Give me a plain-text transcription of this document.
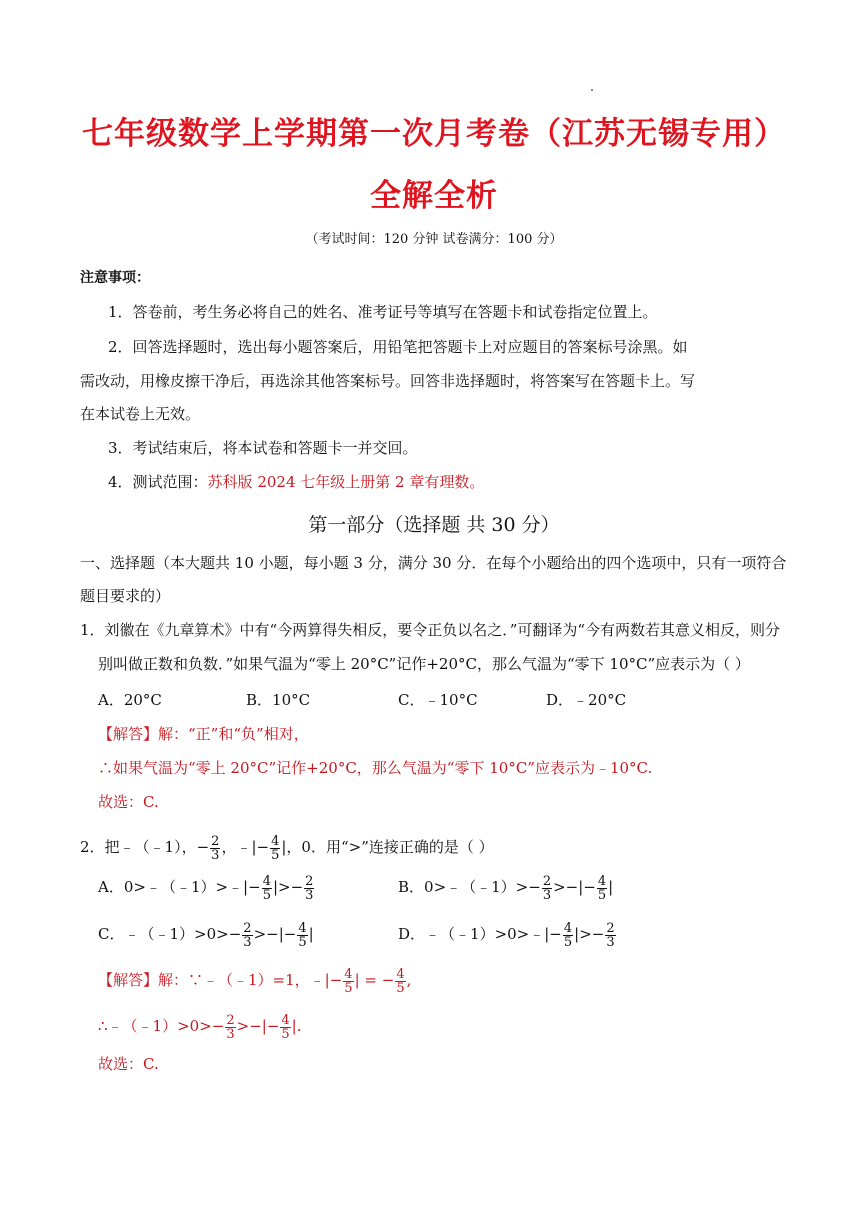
七年级数学上学期第一次月考卷（江苏无锡专用）
全解全析
（考试时间：120 分钟 试卷满分：100 分）
注意事项：
1．答卷前，考生务必将自己的姓名、准考证号等填写在答题卡和试卷指定位置上。
2．回答选择题时，选出每小题答案后，用铅笔把答题卡上对应题目的答案标号涂黑。如
需改动，用橡皮擦干净后，再选涂其他答案标号。回答非选择题时，将答案写在答题卡上。写
在本试卷上无效。
3．考试结束后，将本试卷和答题卡一并交回。
4．测试范围：苏科版 2024 七年级上册第 2 章有理数。
第一部分（选择题 共 30 分）
一、选择题（本大题共 10 小题，每小题 3 分，满分 30 分．在每个小题给出的四个选项中，只有一项符合
题目要求的）
1．刘徽在《九章算术》中有“今两算得失相反，要令正负以名之．”可翻译为“今有两数若其意义相反，则分
别叫做正数和负数．”如果气温为“零上 20°C”记作+20°C，那么气温为“零下 10°C”应表示为（ ）
A．20°C	B．10°C	C．﹣10°C	D．﹣20°C
【解答】解：“正”和“负”相对，
∴如果气温为“零上 20°C”记作+20°C，那么气温为“零下 10°C”应表示为﹣10°C.
故选：C.
2．把﹣（﹣1），− $\frac{2}{3}$ ，﹣|− $\frac{4}{5}$ |，0．用“>”连接正确的是（ ）
A．0>﹣（﹣1）>﹣|− $\frac{4}{5}$ |>− $\frac{2}{3}$	B．0>﹣（﹣1）>− $\frac{2}{3}$ >−|− $\frac{4}{5}$ |
C．﹣（﹣1）>0>− $\frac{2}{3}$ >−|− $\frac{4}{5}$ |	D．﹣（﹣1）>0>﹣|− $\frac{4}{5}$ |>− $\frac{2}{3}$
【解答】解：∵﹣（﹣1）=1，﹣|− $\frac{4}{5}$ | = − $\frac{4}{5}$ ,
∴﹣（﹣1）>0>− $\frac{2}{3}$ >−|− $\frac{4}{5}$ |.
故选：C.
